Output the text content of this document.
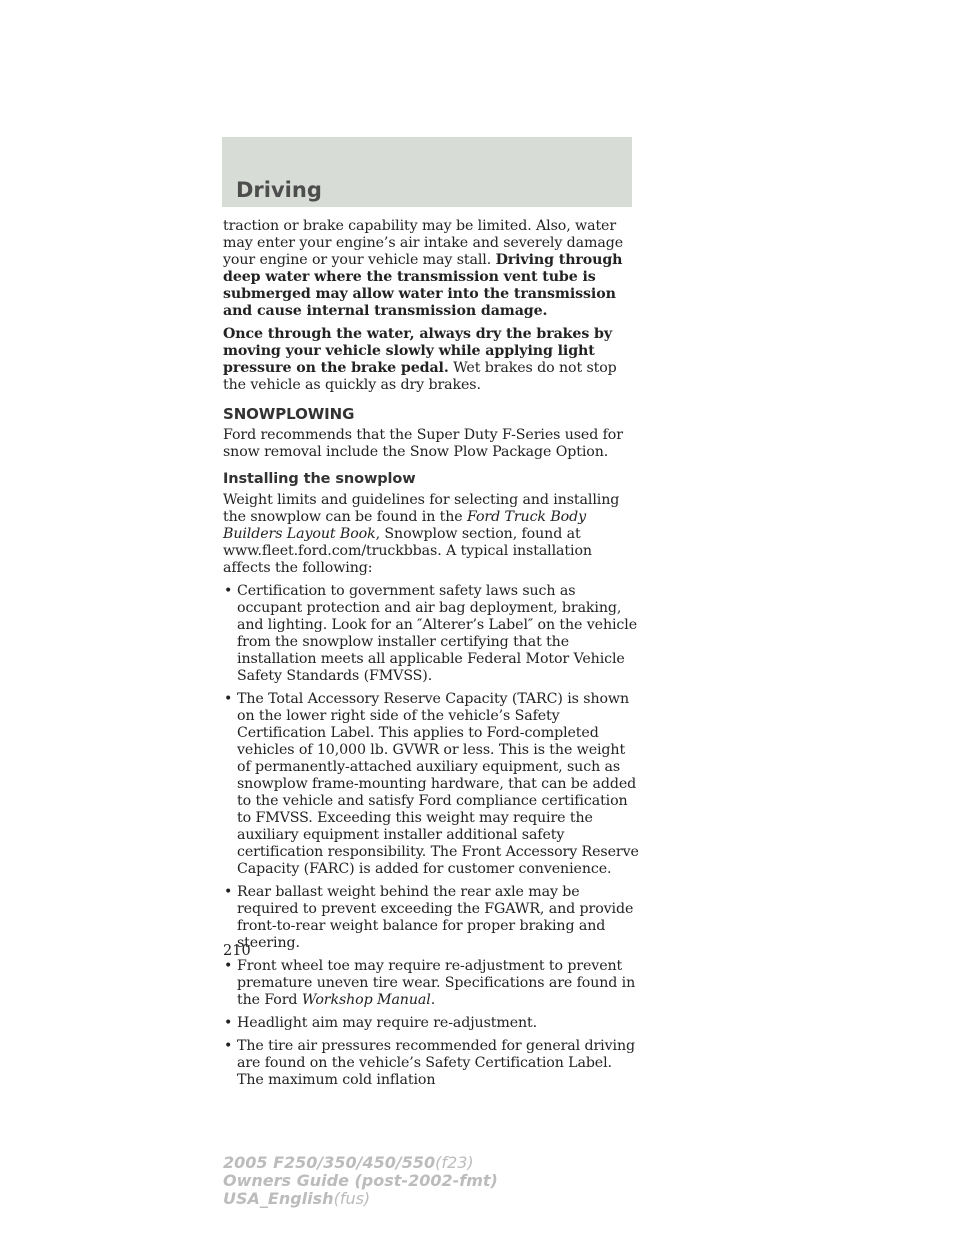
Driving

traction or brake capability may be limited. Also, water may enter your engine’s air intake and severely damage your engine or your vehicle may stall. Driving through deep water where the transmission vent tube is submerged may allow water into the transmission and cause internal transmission damage.

Once through the water, always dry the brakes by moving your vehicle slowly while applying light pressure on the brake pedal. Wet brakes do not stop the vehicle as quickly as dry brakes.

SNOWPLOWING

Ford recommends that the Super Duty F-Series used for snow removal include the Snow Plow Package Option.

Installing the snowplow

Weight limits and guidelines for selecting and installing the snowplow can be found in the Ford Truck Body Builders Layout Book, Snowplow section, found at www.fleet.ford.com/truckbbas. A typical installation affects the following:

• Certification to government safety laws such as occupant protection and air bag deployment, braking, and lighting. Look for an ″Alterer’s Label″ on the vehicle from the snowplow installer certifying that the installation meets all applicable Federal Motor Vehicle Safety Standards (FMVSS).
• The Total Accessory Reserve Capacity (TARC) is shown on the lower right side of the vehicle’s Safety Certification Label. This applies to Ford-completed vehicles of 10,000 lb. GVWR or less. This is the weight of permanently-attached auxiliary equipment, such as snowplow frame-mounting hardware, that can be added to the vehicle and satisfy Ford compliance certification to FMVSS. Exceeding this weight may require the auxiliary equipment installer additional safety certification responsibility. The Front Accessory Reserve Capacity (FARC) is added for customer convenience.
• Rear ballast weight behind the rear axle may be required to prevent exceeding the FGAWR, and provide front-to-rear weight balance for proper braking and steering.
• Front wheel toe may require re-adjustment to prevent premature uneven tire wear. Specifications are found in the Ford Workshop Manual.
• Headlight aim may require re-adjustment.
• The tire air pressures recommended for general driving are found on the vehicle’s Safety Certification Label. The maximum cold inflation
210
2005 F250/350/450/550(f23)
Owners Guide (post-2002-fmt)
USA_English(fus)
